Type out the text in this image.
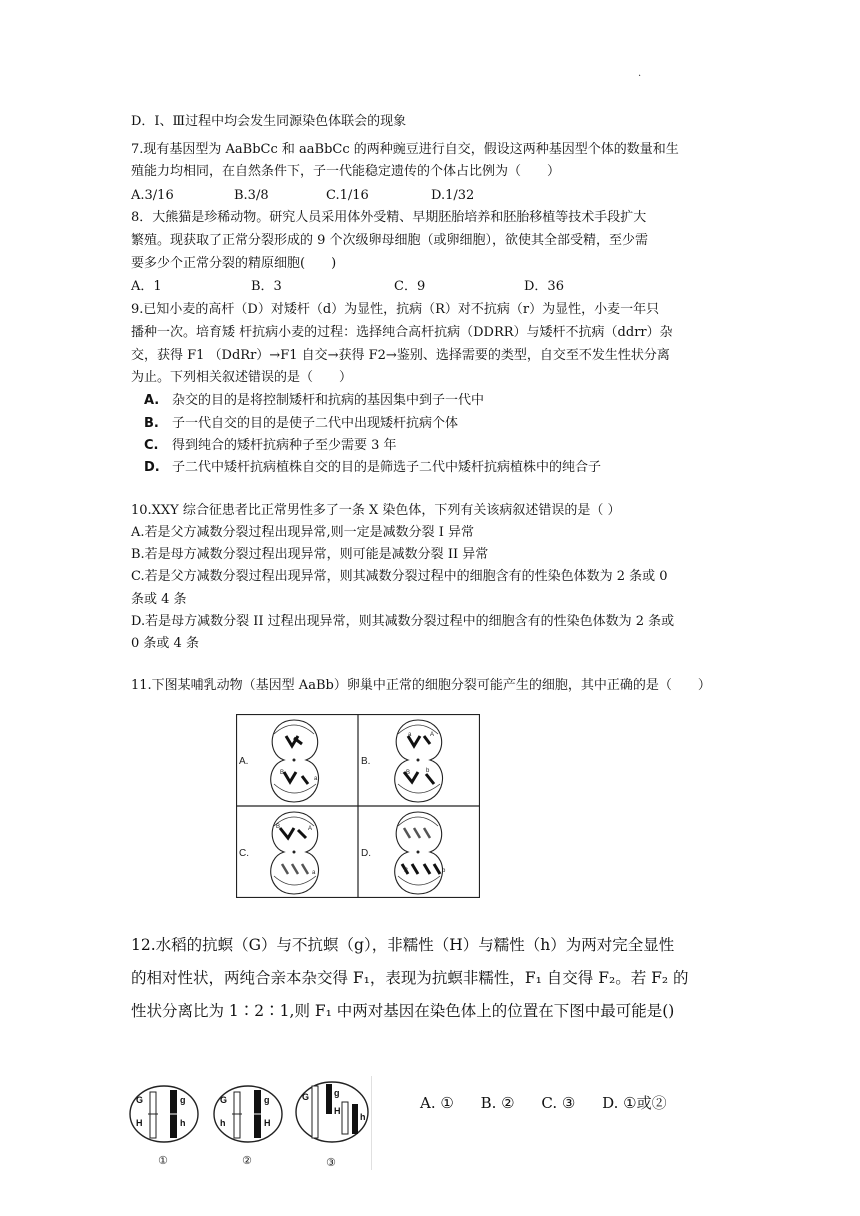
.
D．Ⅰ、Ⅲ过程中均会发生同源染色体联会的现象
7.现有基因型为 AaBbCc 和 aaBbCc 的两种豌豆进行自交，假设这两种基因型个体的数量和生
殖能力均相同，在自然条件下，子一代能稳定遗传的个体占比例为（　　）
A.3/16	B.3/8	C.1/16	D.1/32
8．大熊猫是珍稀动物。研究人员采用体外受精、早期胚胎培养和胚胎移植等技术手段扩大
繁殖。现获取了正常分裂形成的 9 个次级卵母细胞（或卵细胞），欲使其全部受精，至少需
要多少个正常分裂的精原细胞(　　)
A．1	B．3	C．9	D．36
9.已知小麦的高杆（D）对矮杆（d）为显性，抗病（R）对不抗病（r）为显性，小麦一年只
播种一次。培育矮 杆抗病小麦的过程：选择纯合高杆抗病（DDRR）与矮杆不抗病（ddrr）杂
交，获得 F1 （DdRr）→F1 自交→获得 F2→鉴别、选择需要的类型，自交至不发生性状分离
为止。下列相关叙述错误的是（　　）
A. 杂交的目的是将控制矮杆和抗病的基因集中到子一代中
B. 子一代自交的目的是使子二代中出现矮杆抗病个体
C. 得到纯合的矮杆抗病种子至少需要 3 年
D. 子二代中矮杆抗病植株自交的目的是筛选子二代中矮杆抗病植株中的纯合子
10.XXY 综合征患者比正常男性多了一条 X 染色体，下列有关该病叙述错误的是（ ）
A.若是父方减数分裂过程出现异常,则一定是减数分裂 I 异常
B.若是母方减数分裂过程出现异常，则可能是减数分裂 II 异常
C.若是父方减数分裂过程出现异常，则其减数分裂过程中的细胞含有的性染色体数为 2 条或 0
条或 4 条
D.若是母方减数分裂 II 过程出现异常，则其减数分裂过程中的细胞含有的性染色体数为 2 条或
0 条或 4 条
11.下图某哺乳动物（基因型 AaBb）卵巢中正常的细胞分裂可能产生的细胞，其中正确的是（　　）
A.	B.
C.	D.
a
B
a	A
B	b
B	A
a	B	b
12.水稻的抗螟（G）与不抗螟（g），非糯性（H）与糯性（h）为两对完全显性
的相对性状，两纯合亲本杂交得 F₁，表现为抗螟非糯性，F₁ 自交得 F₂。若 F₂ 的
性状分离比为 1∶2∶1,则 F₁ 中两对基因在染色体上的位置在下图中最可能是()
G	g
H	h
G	g
h	H
G	g
H
h
①	②	③
A. ① B. ② C. ③ D. ①或②
